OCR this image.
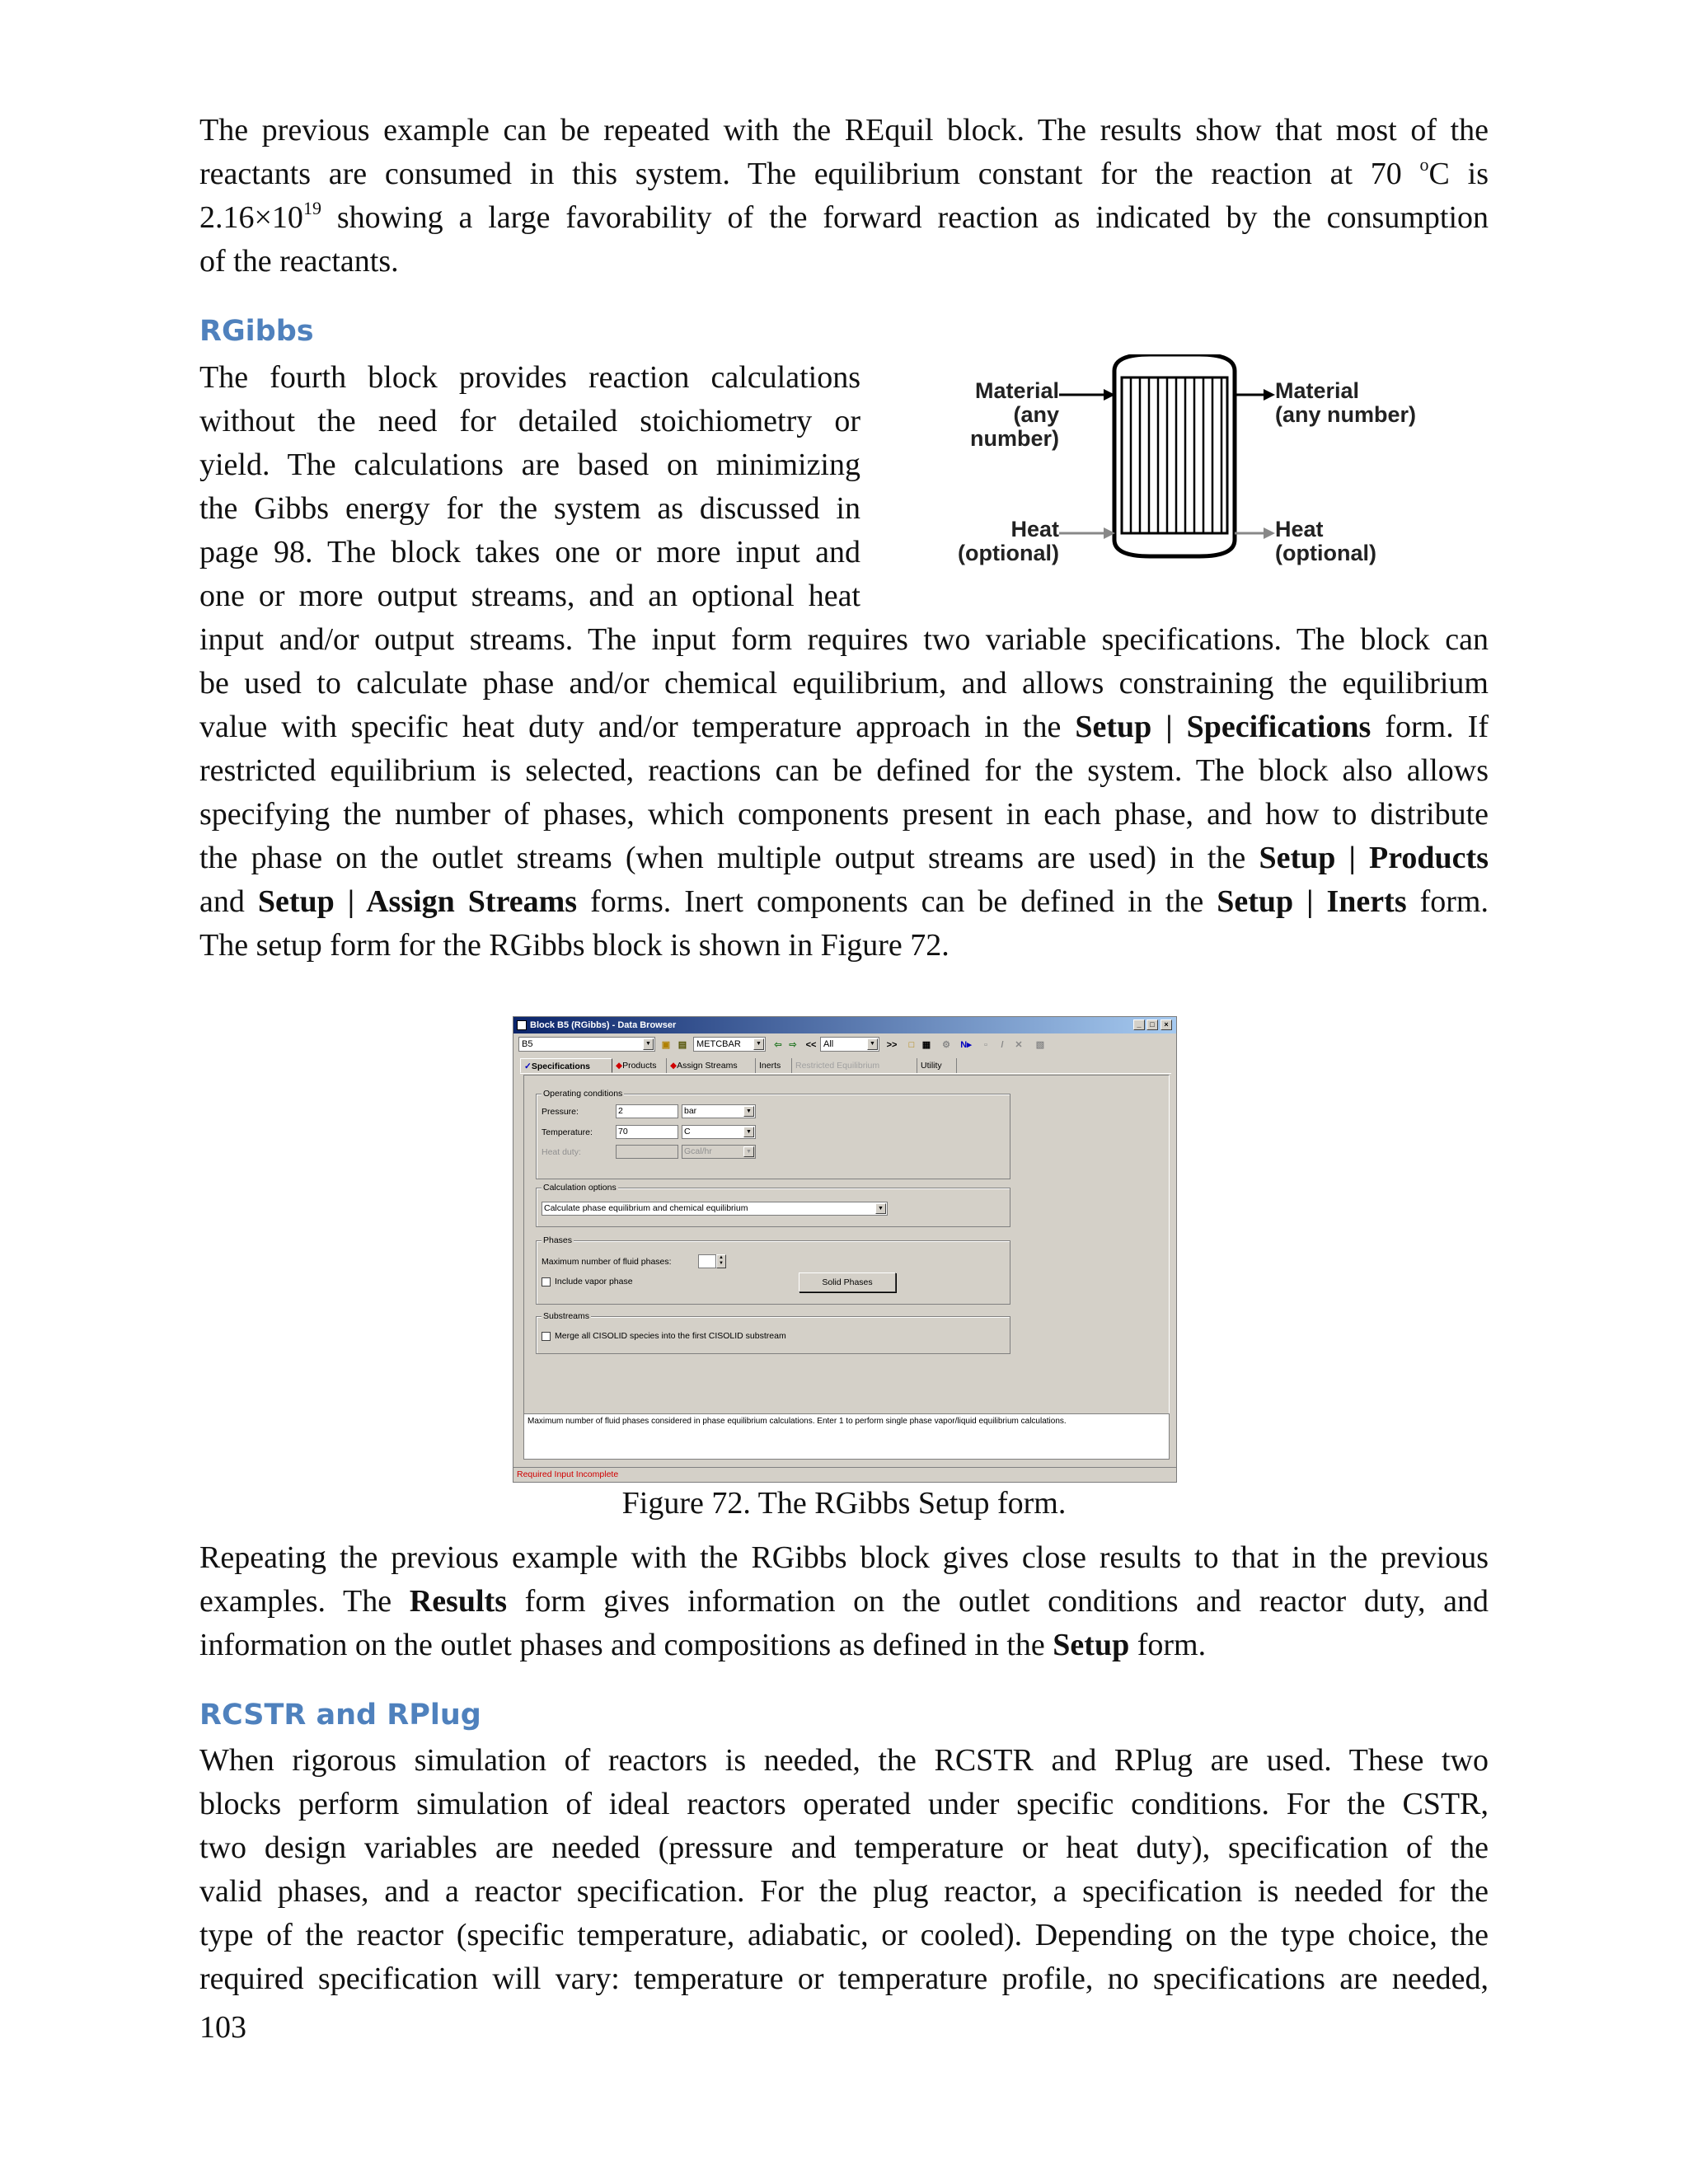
The previous example can be repeated with the REquil block. The results show that most of the
reactants are consumed in this system. The equilibrium constant for the reaction at 70 $^o$C is
$2.16\times 10^{19}$ showing a large favorability of the forward reaction as indicated by the consumption
of the reactants.
RGibbs
The fourth block provides reaction calculations
without the need for detailed stoichiometry or
yield. The calculations are based on minimizing
the Gibbs energy for the system as discussed in
page 98. The block takes one or more input and
one or more output streams, and an optional heat
input and/or output streams. The input form requires two variable specifications. The block can
be used to calculate phase and/or chemical equilibrium, and allows constraining the equilibrium
value with specific heat duty and/or temperature approach in the Setup | Specifications form. If
restricted equilibrium is selected, reactions can be defined for the system. The block also allows
specifying the number of phases, which components present in each phase, and how to distribute
the phase on the outlet streams (when multiple output streams are used) in the Setup | Products
and Setup | Assign Streams forms. Inert components can be defined in the Setup | Inerts form.
The setup form for the RGibbs block is shown in Figure 72.
Material
(any number)
Material
(any number)
Heat
(optional)
Heat
(optional)
Block B5 (RGibbs) - Data Browser	_	□	×
B5	▼	▣ ▤	METCBAR	▼	⇦ ⇨ << All	▼ >>	□ ▦	⚙	N▸	▫	/	✕	▧
✓Specifications	◆Products	◆Assign Streams	Inerts	Restricted Equilibrium	Utility
Operating conditions
Pressure:	2	bar	▼
Temperature:	70	C	▼
Heat duty:	Gcal/hr	▼
Calculation options
Calculate phase equilibrium and chemical equilibrium	▼
Phases
Maximum number of fluid phases:	▲
▼
Include vapor phase	Solid Phases
Substreams
Merge all CISOLID species into the first CISOLID substream
Maximum number of fluid phases considered in phase equilibrium calculations. Enter 1 to perform single phase vapor/liquid equilibrium calculations.
Required Input Incomplete

Figure 72. The RGibbs Setup form.

Repeating the previous example with the RGibbs block gives close results to that in the previous
examples. The Results form gives information on the outlet conditions and reactor duty, and
information on the outlet phases and compositions as defined in the Setup form.
RCSTR and RPlug
When rigorous simulation of reactors is needed, the RCSTR and RPlug are used. These two
blocks perform simulation of ideal reactors operated under specific conditions. For the CSTR,
two design variables are needed (pressure and temperature or heat duty), specification of the
valid phases, and a reactor specification. For the plug reactor, a specification is needed for the
type of the reactor (specific temperature, adiabatic, or cooled). Depending on the type choice, the
required specification will vary: temperature or temperature profile, no specifications are needed,
103
